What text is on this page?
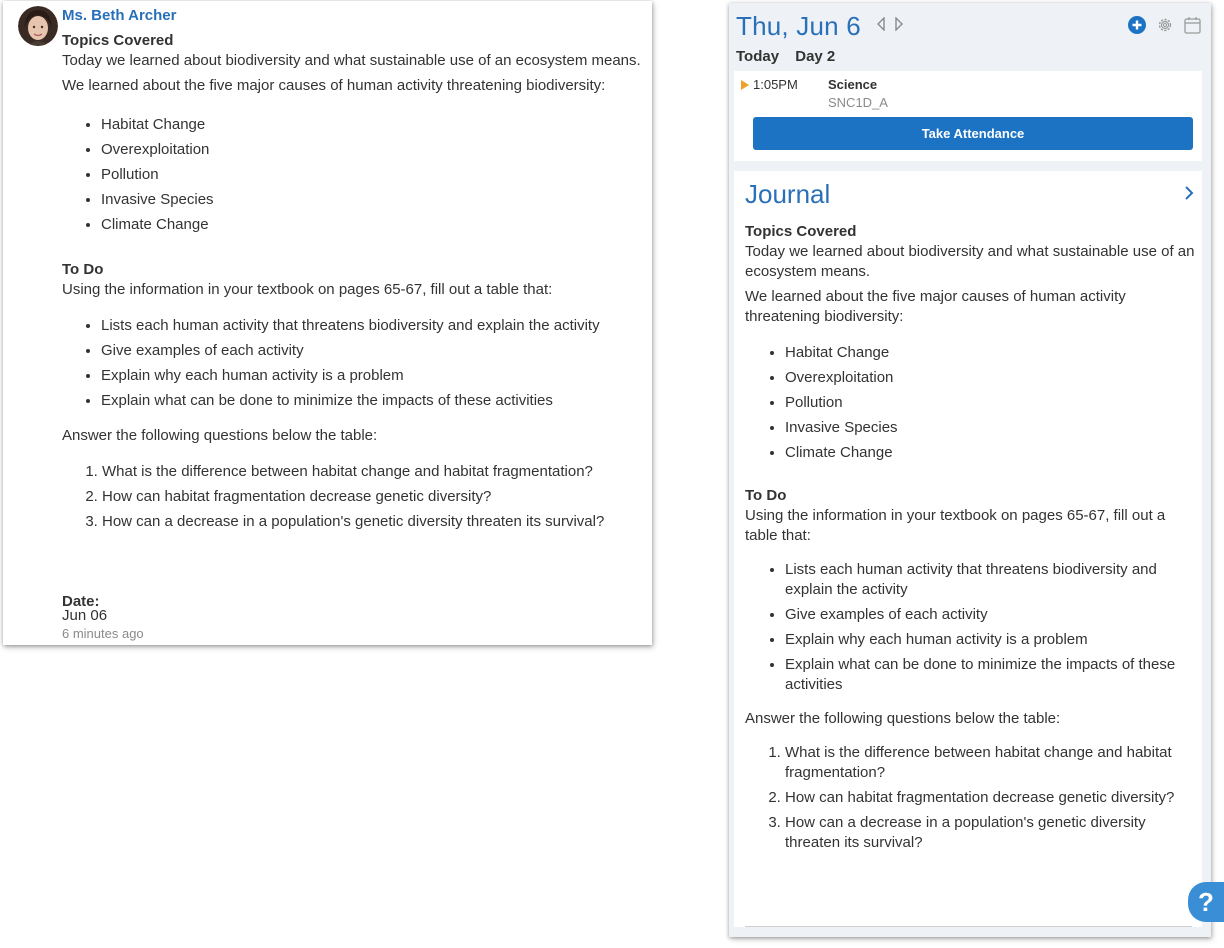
Ms. Beth Archer
Topics Covered

Today we learned about biodiversity and what sustainable use of an ecosystem means.

We learned about the five major causes of human activity threatening biodiversity:

• Habitat Change
• Overexploitation
• Pollution
• Invasive Species
• Climate Change
To Do

Using the information in your textbook on pages 65-67, fill out a table that:

• Lists each human activity that threatens biodiversity and explain the activity
• Give examples of each activity
• Explain why each human activity is a problem
• Explain what can be done to minimize the impacts of these activities

Answer the following questions below the table:

1. What is the difference between habitat change and habitat fragmentation?
2. How can habitat fragmentation decrease genetic diversity?
3. How can a decrease in a population's genetic diversity threaten its survival?
Date:
Jun 06
6 minutes ago
Thu, Jun 6
Today Day 2
1:05PM Science
SNC1D_A
Take Attendance
Journal
Topics Covered

Today we learned about biodiversity and what sustainable use of an ecosystem means.

We learned about the five major causes of human activity threatening biodiversity:

• Habitat Change
• Overexploitation
• Pollution
• Invasive Species
• Climate Change
To Do

Using the information in your textbook on pages 65-67, fill out a table that:

• Lists each human activity that threatens biodiversity and explain the activity
• Give examples of each activity
• Explain why each human activity is a problem
• Explain what can be done to minimize the impacts of these activities

Answer the following questions below the table:

1. What is the difference between habitat change and habitat fragmentation?
2. How can habitat fragmentation decrease genetic diversity?
3. How can a decrease in a population's genetic diversity threaten its survival?
?
